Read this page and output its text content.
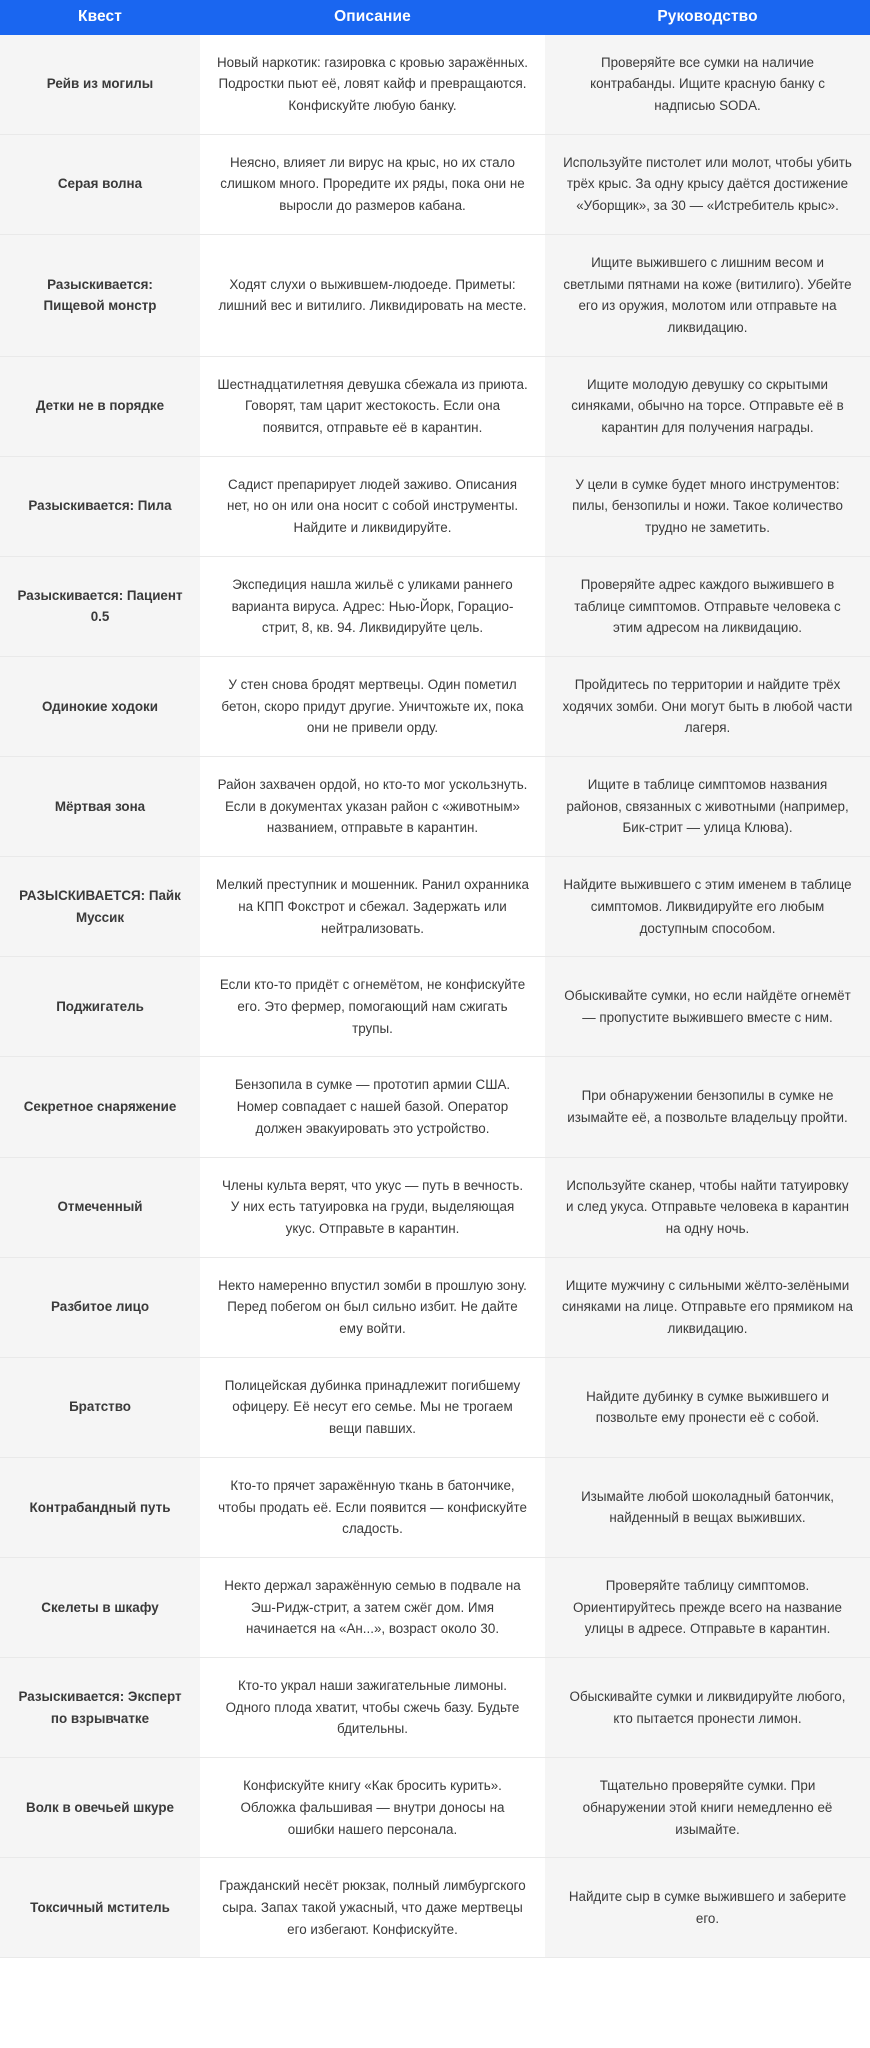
Квест	Описание	Руководство
Рейв из могилы	Новый наркотик: газировка с кровью заражённых. Подростки пьют её, ловят кайф и превращаются. Конфискуйте любую банку.	Проверяйте все сумки на наличие контрабанды. Ищите красную банку с надписью SODA.
Серая волна	Неясно, влияет ли вирус на крыс, но их стало слишком много. Проредите их ряды, пока они не выросли до размеров кабана.	Используйте пистолет или молот, чтобы убить трёх крыс. За одну крысу даётся достижение «Уборщик», за 30 — «Истребитель крыс».
Разыскивается: Пищевой монстр	Ходят слухи о выжившем-людоеде. Приметы: лишний вес и витилиго. Ликвидировать на месте.	Ищите выжившего с лишним весом и светлыми пятнами на коже (витилиго). Убейте его из оружия, молотом или отправьте на ликвидацию.
Детки не в порядке	Шестнадцатилетняя девушка сбежала из приюта. Говорят, там царит жестокость. Если она появится, отправьте её в карантин.	Ищите молодую девушку со скрытыми синяками, обычно на торсе. Отправьте её в карантин для получения награды.
Разыскивается: Пила	Садист препарирует людей заживо. Описания нет, но он или она носит с собой инструменты. Найдите и ликвидируйте.	У цели в сумке будет много инструментов: пилы, бензопилы и ножи. Такое количество трудно не заметить.
Разыскивается: Пациент 0.5	Экспедиция нашла жильё с уликами раннего варианта вируса. Адрес: Нью-Йорк, Горацио-стрит, 8, кв. 94. Ликвидируйте цель.	Проверяйте адрес каждого выжившего в таблице симптомов. Отправьте человека с этим адресом на ликвидацию.
Одинокие ходоки	У стен снова бродят мертвецы. Один пометил бетон, скоро придут другие. Уничтожьте их, пока они не привели орду.	Пройдитесь по территории и найдите трёх ходячих зомби. Они могут быть в любой части лагеря.
Мёртвая зона	Район захвачен ордой, но кто-то мог ускользнуть. Если в документах указан район с «животным» названием, отправьте в карантин.	Ищите в таблице симптомов названия районов, связанных с животными (например, Бик-стрит — улица Клюва).
РАЗЫСКИВАЕТСЯ: Пайк Муссик	Мелкий преступник и мошенник. Ранил охранника на КПП Фокстрот и сбежал. Задержать или нейтрализовать.	Найдите выжившего с этим именем в таблице симптомов. Ликвидируйте его любым доступным способом.
Поджигатель	Если кто-то придёт с огнемётом, не конфискуйте его. Это фермер, помогающий нам сжигать трупы.	Обыскивайте сумки, но если найдёте огнемёт — пропустите выжившего вместе с ним.
Секретное снаряжение	Бензопила в сумке — прототип армии США. Номер совпадает с нашей базой. Оператор должен эвакуировать это устройство.	При обнаружении бензопилы в сумке не изымайте её, а позвольте владельцу пройти.
Отмеченный	Члены культа верят, что укус — путь в вечность. У них есть татуировка на груди, выделяющая укус. Отправьте в карантин.	Используйте сканер, чтобы найти татуировку и след укуса. Отправьте человека в карантин на одну ночь.
Разбитое лицо	Некто намеренно впустил зомби в прошлую зону. Перед побегом он был сильно избит. Не дайте ему войти.	Ищите мужчину с сильными жёлто-зелёными синяками на лице. Отправьте его прямиком на ликвидацию.
Братство	Полицейская дубинка принадлежит погибшему офицеру. Её несут его семье. Мы не трогаем вещи павших.	Найдите дубинку в сумке выжившего и позвольте ему пронести её с собой.
Контрабандный путь	Кто-то прячет заражённую ткань в батончике, чтобы продать её. Если появится — конфискуйте сладость.	Изымайте любой шоколадный батончик, найденный в вещах выживших.
Скелеты в шкафу	Некто держал заражённую семью в подвале на Эш-Ридж-стрит, а затем сжёг дом. Имя начинается на «Ан...», возраст около 30.	Проверяйте таблицу симптомов. Ориентируйтесь прежде всего на название улицы в адресе. Отправьте в карантин.
Разыскивается: Эксперт по взрывчатке	Кто-то украл наши зажигательные лимоны. Одного плода хватит, чтобы сжечь базу. Будьте бдительны.	Обыскивайте сумки и ликвидируйте любого, кто пытается пронести лимон.
Волк в овечьей шкуре	Конфискуйте книгу «Как бросить курить». Обложка фальшивая — внутри доносы на ошибки нашего персонала.	Тщательно проверяйте сумки. При обнаружении этой книги немедленно её изымайте.
Токсичный мститель	Гражданский несёт рюкзак, полный лимбургского сыра. Запах такой ужасный, что даже мертвецы его избегают. Конфискуйте.	Найдите сыр в сумке выжившего и заберите его.
